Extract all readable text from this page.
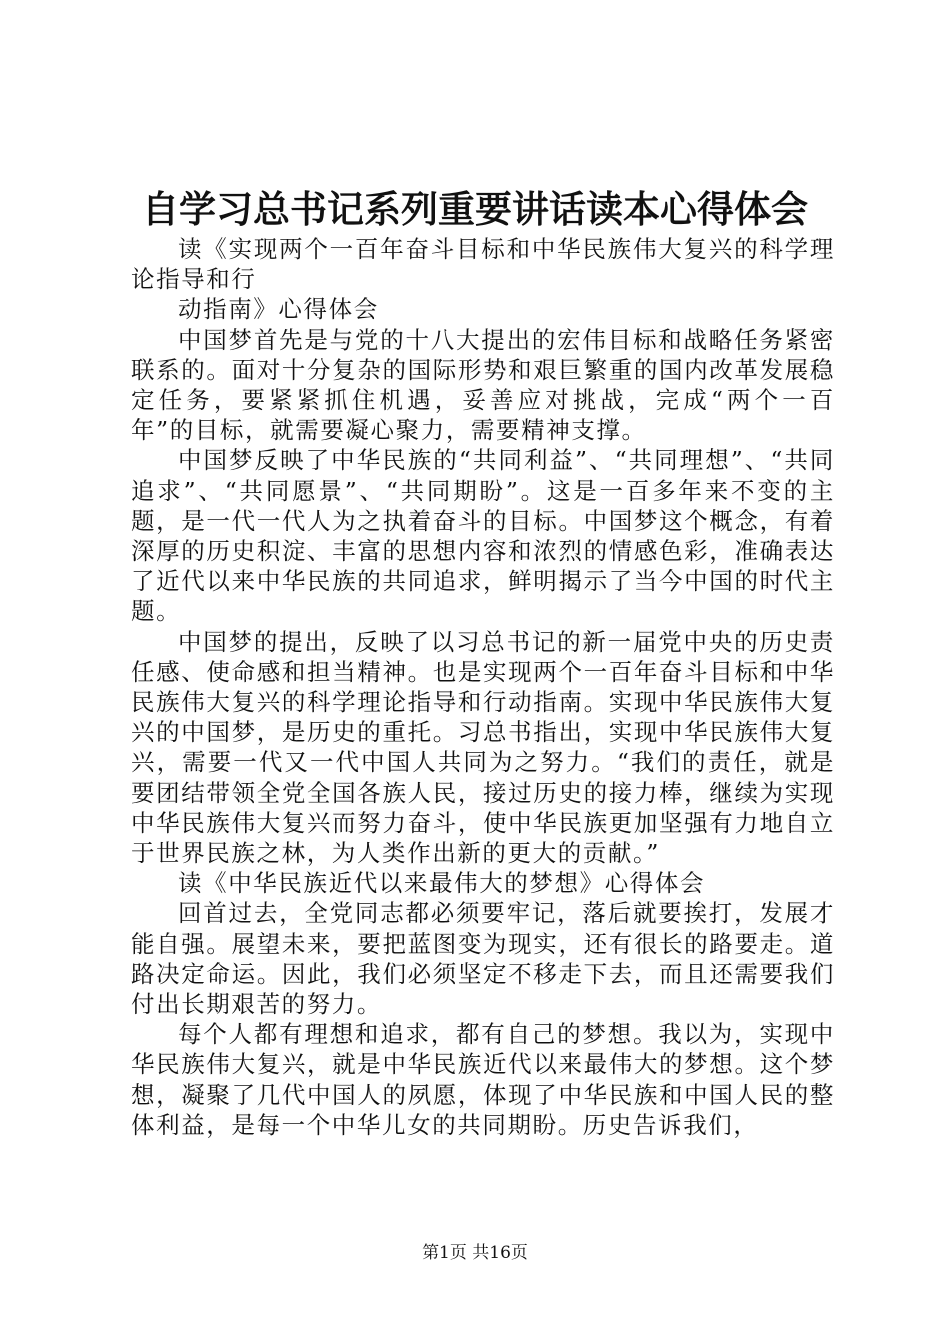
自学习总书记系列重要讲话读本心得体会

读《实现两个一百年奋斗目标和中华民族伟大复兴的科学理论指导和行

动指南》心得体会

中国梦首先是与党的十八大提出的宏伟目标和战略任务紧密联系的。面对十分复杂的国际形势和艰巨繁重的国内改革发展稳定任务，要紧紧抓住机遇，妥善应对挑战，完成“两个一百年”的目标，就需要凝心聚力，需要精神支撑。

中国梦反映了中华民族的“共同利益”、“共同理想”、“共同追求”、“共同愿景”、“共同期盼”。这是一百多年来不变的主题，是一代一代人为之执着奋斗的目标。中国梦这个概念，有着深厚的历史积淀、丰富的思想内容和浓烈的情感色彩，准确表达了近代以来中华民族的共同追求，鲜明揭示了当今中国的时代主题。

中国梦的提出，反映了以习总书记的新一届党中央的历史责任感、使命感和担当精神。也是实现两个一百年奋斗目标和中华民族伟大复兴的科学理论指导和行动指南。实现中华民族伟大复兴的中国梦，是历史的重托。习总书指出，实现中华民族伟大复兴，需要一代又一代中国人共同为之努力。“我们的责任，就是要团结带领全党全国各族人民，接过历史的接力棒，继续为实现中华民族伟大复兴而努力奋斗，使中华民族更加坚强有力地自立于世界民族之林，为人类作出新的更大的贡献。”

读《中华民族近代以来最伟大的梦想》心得体会

回首过去，全党同志都必须要牢记，落后就要挨打，发展才能自强。展望未来，要把蓝图变为现实，还有很长的路要走。道路决定命运。因此，我们必须坚定不移走下去，而且还需要我们付出长期艰苦的努力。

每个人都有理想和追求，都有自己的梦想。我以为，实现中华民族伟大复兴，就是中华民族近代以来最伟大的梦想。这个梦想，凝聚了几代中国人的夙愿，体现了中华民族和中国人民的整体利益，是每一个中华儿女的共同期盼。历史告诉我们，

第1页 共16页
